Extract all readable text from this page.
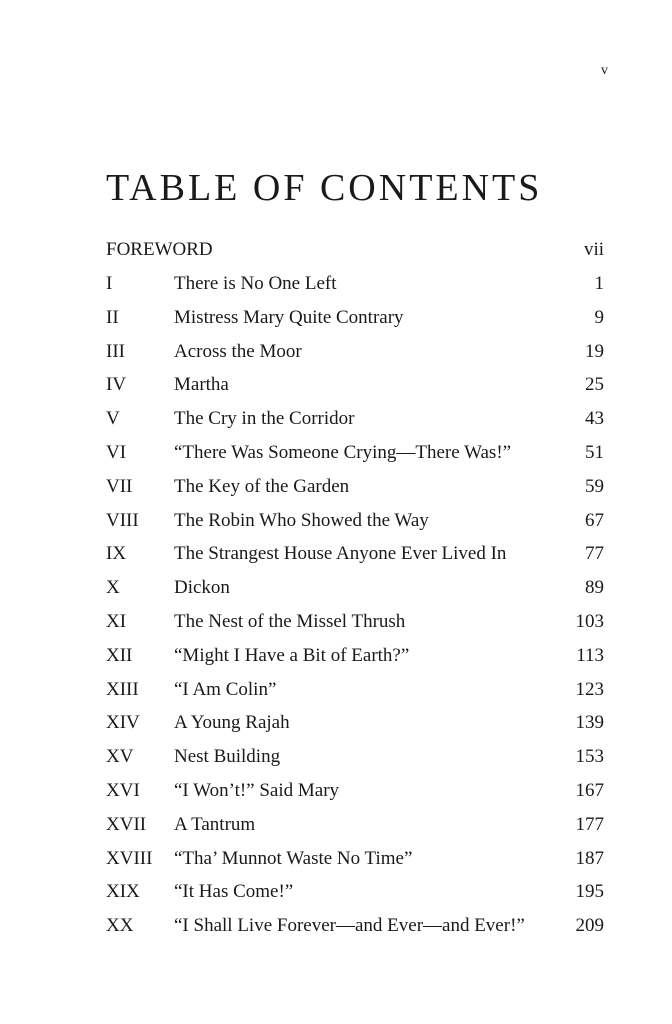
v
TABLE OF CONTENTS
FOREWORD	vii
I	There is No One Left	1
II	Mistress Mary Quite Contrary	9
III	Across the Moor	19
IV	Martha	25
V	The Cry in the Corridor	43
VI	“There Was Someone Crying—There Was!”	51
VII The Key of the Garden	59
VIII The Robin Who Showed the Way	67
IX	The Strangest House Anyone Ever Lived In	77
X	Dickon	89
XI	The Nest of the Missel Thrush	103
XII “Might I Have a Bit of Earth?”	113
XIII “I Am Colin”	123
XIV A Young Rajah	139
XV Nest Building	153
XVI “I Won’t!” Said Mary	167
XVII A Tantrum	177
XVIII “Tha’ Munnot Waste No Time”	187
XIX “It Has Come!”	195
XX “I Shall Live Forever—and Ever—and Ever!”	209
